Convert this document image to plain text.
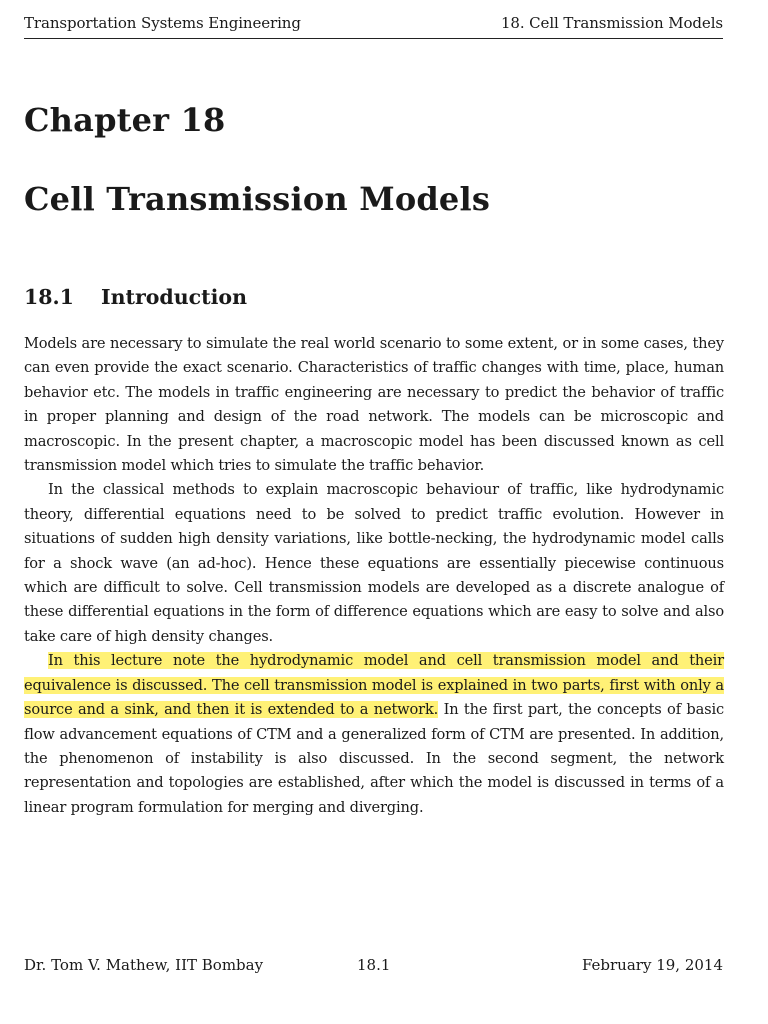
Transportation Systems Engineering	18. Cell Transmission Models
Chapter 18
Cell Transmission Models
18.1	Introduction

Models are necessary to simulate the real world scenario to some extent, or in some cases, they can even provide the exact scenario. Characteristics of traffic changes with time, place, human behavior etc. The models in traffic engineering are necessary to predict the behavior of traffic in proper planning and design of the road network. The models can be microscopic and macroscopic. In the present chapter, a macroscopic model has been discussed known as cell transmission model which tries to simulate the traffic behavior.

In the classical methods to explain macroscopic behaviour of traffic, like hydrodynamic theory, differential equations need to be solved to predict traffic evolution. However in situations of sudden high density variations, like bottle-necking, the hydrodynamic model calls for a shock wave (an ad-hoc). Hence these equations are essentially piecewise continuous which are difficult to solve. Cell transmission models are developed as a discrete analogue of these differential equations in the form of difference equations which are easy to solve and also take care of high density changes.

In this lecture note the hydrodynamic model and cell transmission model and their equivalence is discussed. The cell transmission model is explained in two parts, first with only a source and a sink, and then it is extended to a network. In the first part, the concepts of basic flow advancement equations of CTM and a generalized form of CTM are presented. In addition, the phenomenon of instability is also discussed. In the second segment, the network representation and topologies are established, after which the model is discussed in terms of a linear program formulation for merging and diverging.

Dr. Tom V. Mathew, IIT Bombay	18.1	February 19, 2014
